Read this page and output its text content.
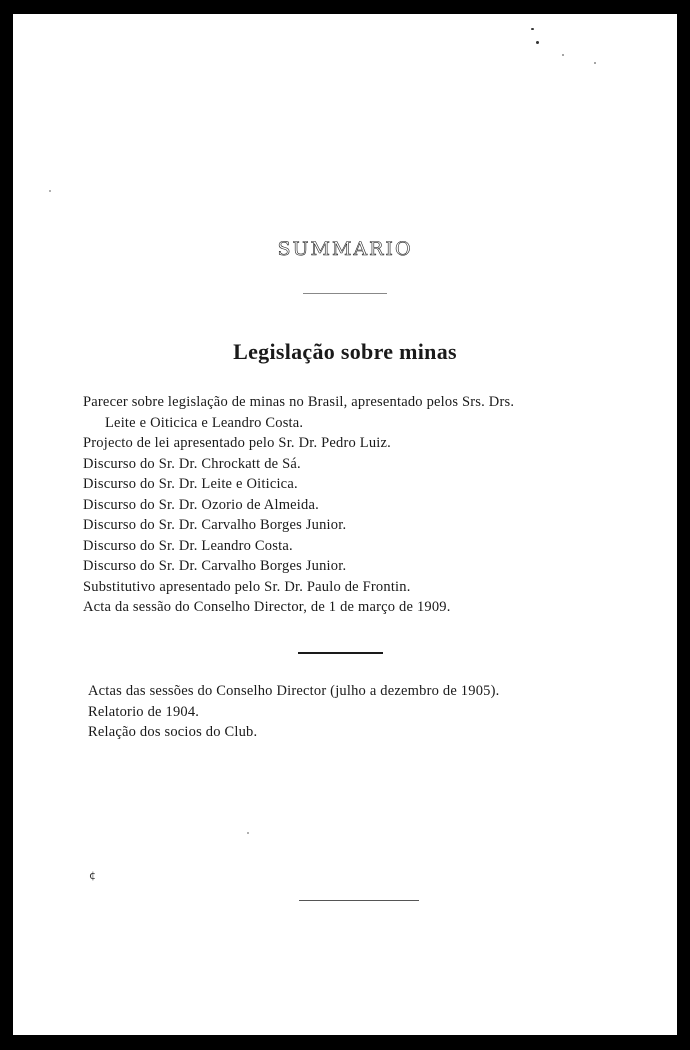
SUMMARIO
Legislação sobre minas
Parecer sobre legislação de minas no Brasil, apresentado pelos Srs. Drs.
Leite e Oiticica e Leandro Costa.
Projecto de lei apresentado pelo Sr. Dr. Pedro Luiz.
Discurso do Sr. Dr. Chrockatt de Sá.
Discurso do Sr. Dr. Leite e Oiticica.
Discurso do Sr. Dr. Ozorio de Almeida.
Discurso do Sr. Dr. Carvalho Borges Junior.
Discurso do Sr. Dr. Leandro Costa.
Discurso do Sr. Dr. Carvalho Borges Junior.
Substitutivo apresentado pelo Sr. Dr. Paulo de Frontin.
Acta da sessão do Conselho Director, de 1 de março de 1909.
Actas das sessões do Conselho Director (julho a dezembro de 1905).
Relatorio de 1904.
Relação dos socios do Club.
¢
